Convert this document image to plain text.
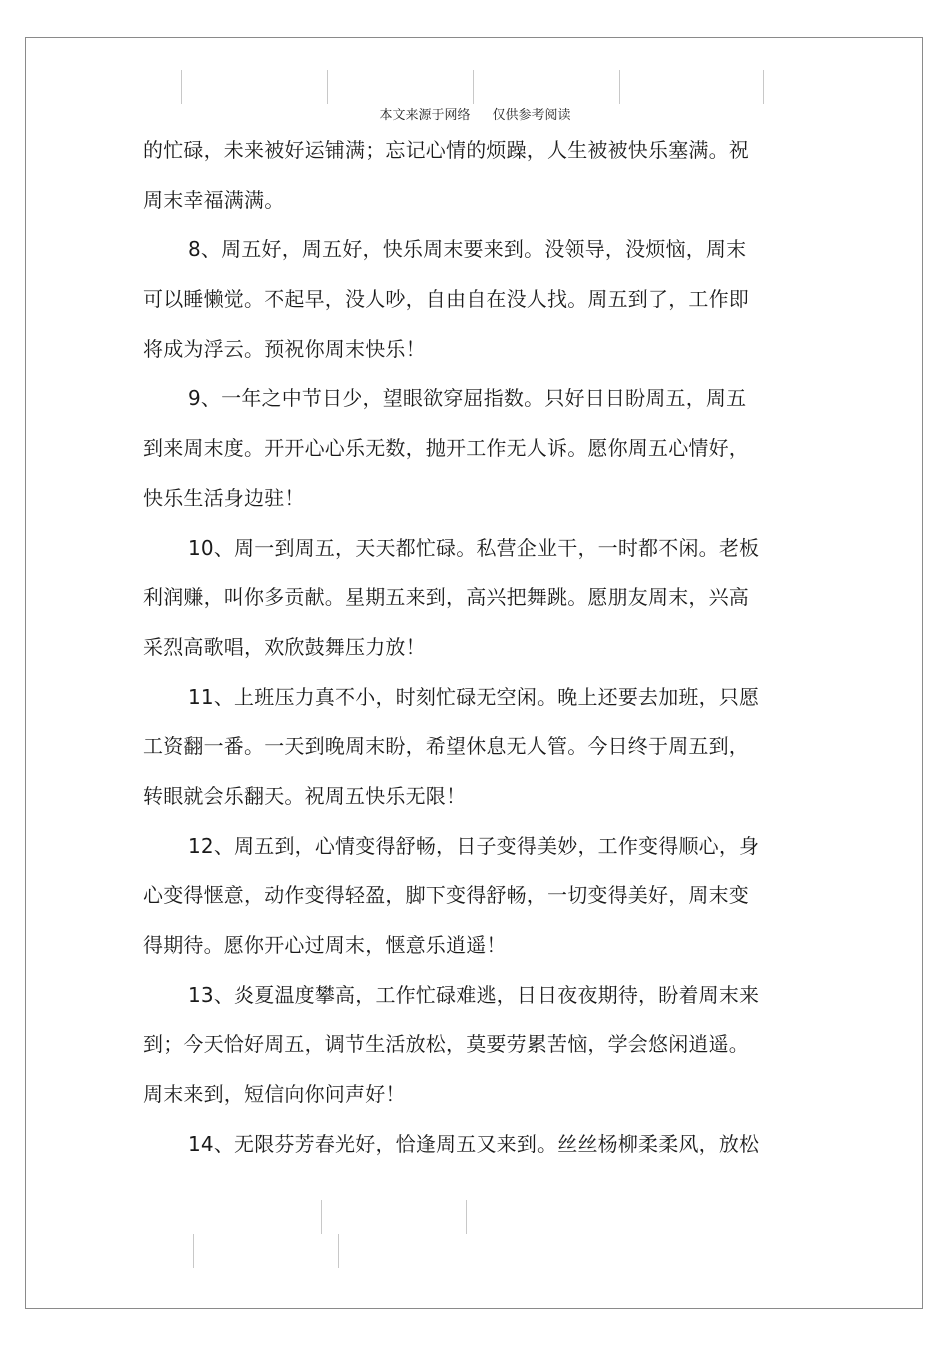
本文来源于网络 仅供参考阅读
的忙碌，未来被好运铺满；忘记心情的烦躁，人生被被快乐塞满。祝
周末幸福满满。
8、周五好，周五好，快乐周末要来到。没领导，没烦恼，周末
可以睡懒觉。不起早，没人吵，自由自在没人找。周五到了，工作即
将成为浮云。预祝你周末快乐！
9、一年之中节日少，望眼欲穿屈指数。只好日日盼周五，周五
到来周末度。开开心心乐无数，抛开工作无人诉。愿你周五心情好，
快乐生活身边驻！
10、周一到周五，天天都忙碌。私营企业干，一时都不闲。老板
利润赚，叫你多贡献。星期五来到，高兴把舞跳。愿朋友周末，兴高
采烈高歌唱，欢欣鼓舞压力放！
11、上班压力真不小，时刻忙碌无空闲。晚上还要去加班，只愿
工资翻一番。一天到晚周末盼，希望休息无人管。今日终于周五到，
转眼就会乐翻天。祝周五快乐无限！
12、周五到，心情变得舒畅，日子变得美妙，工作变得顺心，身
心变得惬意，动作变得轻盈，脚下变得舒畅，一切变得美好，周末变
得期待。愿你开心过周末，惬意乐逍遥！
13、炎夏温度攀高，工作忙碌难逃，日日夜夜期待，盼着周末来
到；今天恰好周五，调节生活放松，莫要劳累苦恼，学会悠闲逍遥。
周末来到，短信向你问声好！
14、无限芬芳春光好，恰逢周五又来到。丝丝杨柳柔柔风，放松
